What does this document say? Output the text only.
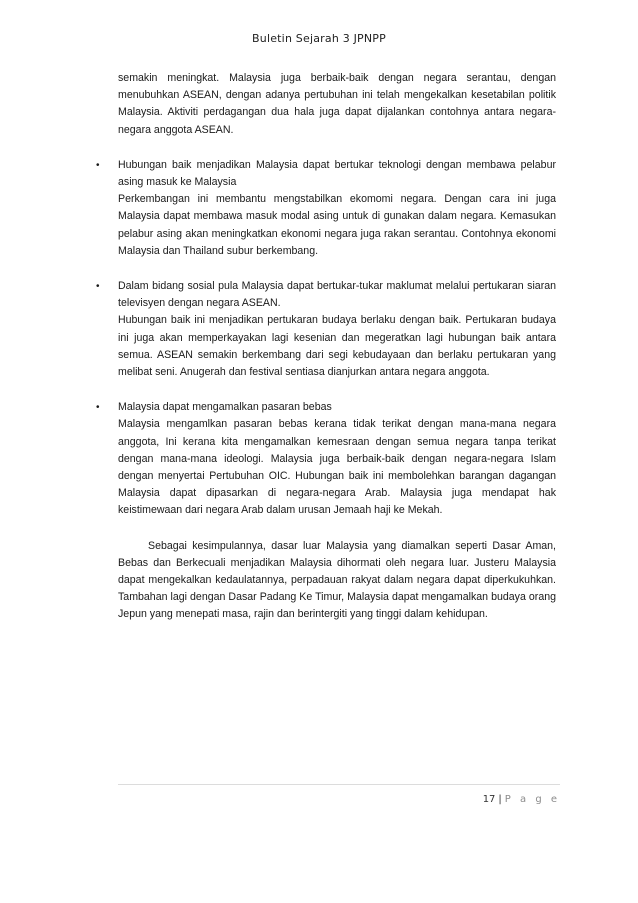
Buletin Sejarah 3 JPNPP

semakin meningkat. Malaysia juga berbaik-baik dengan negara serantau, dengan menubuhkan ASEAN, dengan adanya pertubuhan ini telah mengekalkan kesetabilan politik Malaysia. Aktiviti perdagangan dua hala juga dapat dijalankan contohnya antara negara-negara anggota ASEAN.

• Hubungan baik menjadikan Malaysia dapat bertukar teknologi dengan membawa pelabur asing masuk ke Malaysia

Perkembangan ini membantu mengstabilkan ekomomi negara. Dengan cara ini juga Malaysia dapat membawa masuk modal asing untuk di gunakan dalam negara. Kemasukan pelabur asing akan meningkatkan ekonomi negara juga rakan serantau. Contohnya ekonomi Malaysia dan Thailand subur berkembang.

• Dalam bidang sosial pula Malaysia dapat bertukar-tukar maklumat melalui pertukaran siaran televisyen dengan negara ASEAN.

Hubungan baik ini menjadikan pertukaran budaya berlaku dengan baik. Pertukaran budaya ini juga akan memperkayakan lagi kesenian dan megeratkan lagi hubungan baik antara semua. ASEAN semakin berkembang dari segi kebudayaan dan berlaku pertukaran yang melibat seni. Anugerah dan festival sentiasa dianjurkan antara negara anggota.

• Malaysia dapat mengamalkan pasaran bebas

Malaysia mengamlkan pasaran bebas kerana tidak terikat dengan mana-mana negara anggota, Ini kerana kita mengamalkan kemesraan dengan semua negara tanpa terikat dengan mana-mana ideologi. Malaysia juga berbaik-baik dengan negara-negara Islam dengan menyertai Pertubuhan OIC. Hubungan baik ini membolehkan barangan dagangan Malaysia dapat dipasarkan di negara-negara Arab. Malaysia juga mendapat hak keistimewaan dari negara Arab dalam urusan Jemaah haji ke Mekah.

Sebagai kesimpulannya, dasar luar Malaysia yang diamalkan seperti Dasar Aman, Bebas dan Berkecuali menjadikan Malaysia dihormati oleh negara luar. Justeru Malaysia dapat mengekalkan kedaulatannya, perpadauan rakyat dalam negara dapat diperkukuhkan. Tambahan lagi dengan Dasar Padang Ke Timur, Malaysia dapat mengamalkan budaya orang Jepun yang menepati masa, rajin dan berintergiti yang tinggi dalam kehidupan.

17 | P a g e
